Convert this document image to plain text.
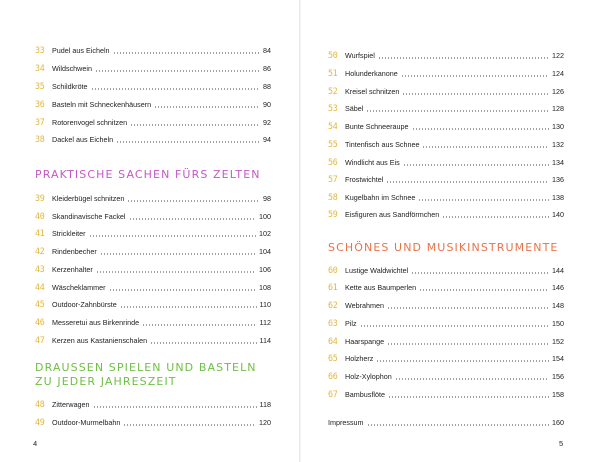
33	Pudel aus Eicheln	84
34	Wildschwein	86
35	Schildkröte	88
36	Basteln mit Schneckenhäusern	90
37	Rotorenvogel schnitzen	92
38	Dackel aus Eicheln	94
PRAKTISCHE SACHEN FÜRS ZELTEN
39	Kleiderbügel schnitzen	98
40	Skandinavische Fackel	100
41	Strickleiter	102
42	Rindenbecher	104
43	Kerzenhalter	106
44	Wäscheklammer	108
45	Outdoor-Zahnbürste	110
46	Messeretui aus Birkenrinde	112
47	Kerzen aus Kastanienschalen	114
DRAUSSEN SPIELEN UND BASTELN
ZU JEDER JAHRESZEIT
48	Zitterwagen	118
49	Outdoor-Murmelbahn	120
4
50	Wurfspiel	122
51	Holunderkanone	124
52	Kreisel schnitzen	126
53	Säbel	128
54	Bunte Schneeraupe	130
55	Tintenfisch aus Schnee	132
56	Windlicht aus Eis	134
57	Frostwichtel	136
58	Kugelbahn im Schnee	138
59	Eisfiguren aus Sandförmchen	140
SCHÖNES UND MUSIKINSTRUMENTE
60	Lustige Waldwichtel	144
61	Kette aus Baumperlen	146
62	Webrahmen	148
63	Pilz	150
64	Haarspange	152
65	Holzherz	154
66	Holz-Xylophon	156
67	Bambusflöte	158
Impressum	160
5
